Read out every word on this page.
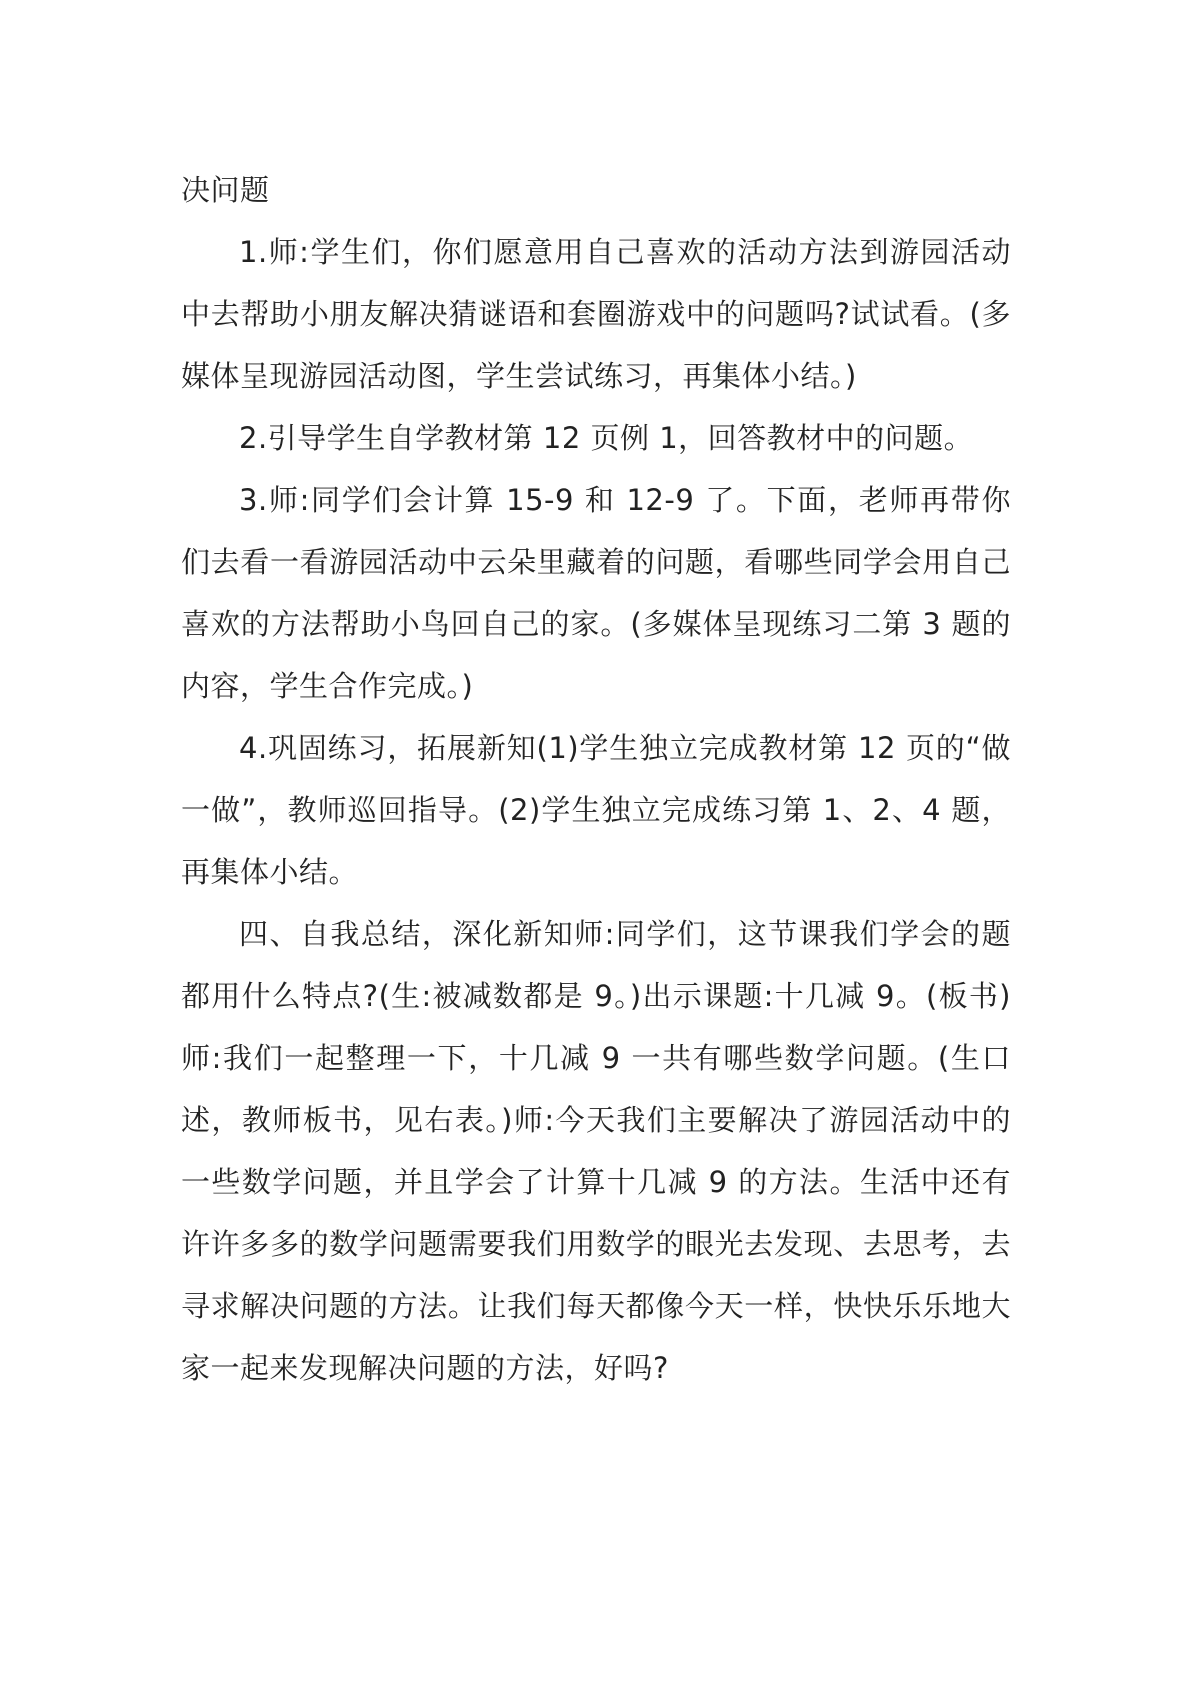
决问题

1.师:学生们，你们愿意用自己喜欢的活动方法到游园活动中去帮助小朋友解决猜谜语和套圈游戏中的问题吗?试试看。(多媒体呈现游园活动图，学生尝试练习，再集体小结。)

2.引导学生自学教材第 12 页例 1，回答教材中的问题。

3.师:同学们会计算 15-9 和 12-9 了。下面，老师再带你们去看一看游园活动中云朵里藏着的问题，看哪些同学会用自己喜欢的方法帮助小鸟回自己的家。(多媒体呈现练习二第 3 题的内容，学生合作完成。)

4.巩固练习，拓展新知(1)学生独立完成教材第 12 页的“做一做”，教师巡回指导。(2)学生独立完成练习第 1、2、4 题，再集体小结。

四、自我总结，深化新知师:同学们，这节课我们学会的题都用什么特点?(生:被减数都是 9。)出示课题:十几减 9。(板书)师:我们一起整理一下，十几减 9 一共有哪些数学问题。(生口述，教师板书，见右表。)师:今天我们主要解决了游园活动中的一些数学问题，并且学会了计算十几减 9 的方法。生活中还有许许多多的数学问题需要我们用数学的眼光去发现、去思考，去寻求解决问题的方法。让我们每天都像今天一样，快快乐乐地大家一起来发现解决问题的方法，好吗?
